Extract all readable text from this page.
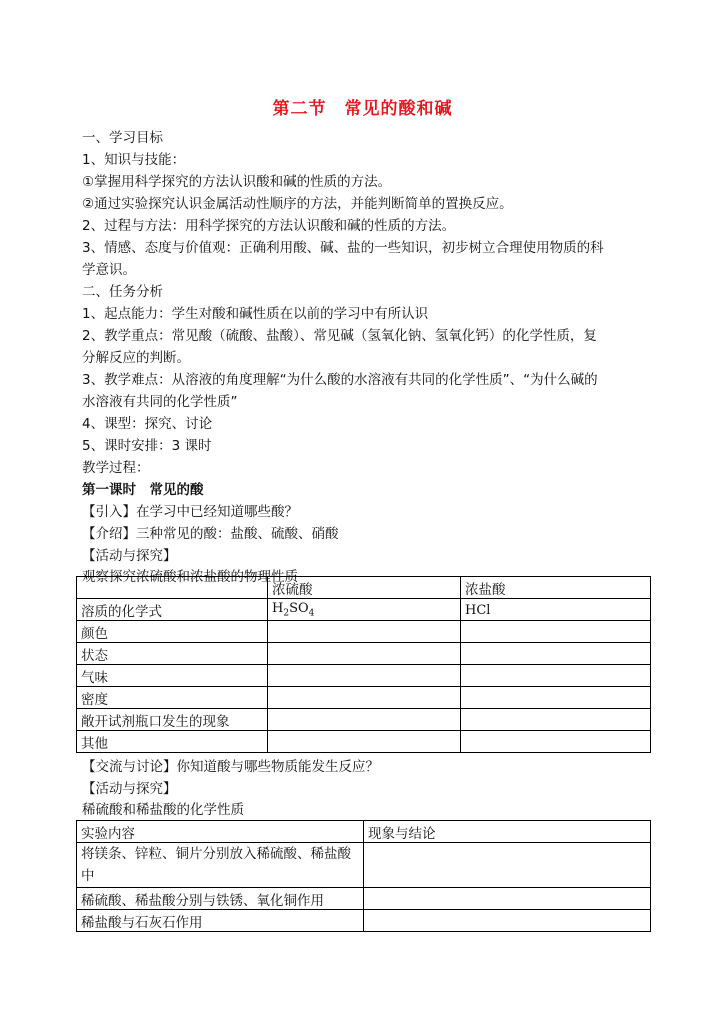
第二节　常见的酸和碱
一、学习目标
1、知识与技能：
①掌握用科学探究的方法认识酸和碱的性质的方法。
②通过实验探究认识金属活动性顺序的方法，并能判断简单的置换反应。
2、过程与方法：用科学探究的方法认识酸和碱的性质的方法。
3、情感、态度与价值观：正确利用酸、碱、盐的一些知识，初步树立合理使用物质的科
学意识。
二、任务分析
1、起点能力：学生对酸和碱性质在以前的学习中有所认识
2、教学重点：常见酸（硫酸、盐酸）、常见碱（氢氧化钠、氢氧化钙）的化学性质，复
分解反应的判断。
3、教学难点：从溶液的角度理解“为什么酸的水溶液有共同的化学性质”、“为什么碱的
水溶液有共同的化学性质”
4、课型：探究、讨论
5、课时安排：3 课时
教学过程：
第一课时　常见的酸
【引入】在学习中已经知道哪些酸？
【介绍】三种常见的酸：盐酸、硫酸、硝酸
【活动与探究】
观察探究浓硫酸和浓盐酸的物理性质
	浓硫酸	浓盐酸
溶质的化学式	$H_2SO_4$	HCl
颜色		
状态		
气味		
密度		
敞开试剂瓶口发生的现象		
其他		
【交流与讨论】你知道酸与哪些物质能发生反应？
【活动与探究】
稀硫酸和稀盐酸的化学性质
实验内容	现象与结论
将镁条、锌粒、铜片分别放入稀硫酸、稀盐酸中	
稀硫酸、稀盐酸分别与铁锈、氧化铜作用	
稀盐酸与石灰石作用	
